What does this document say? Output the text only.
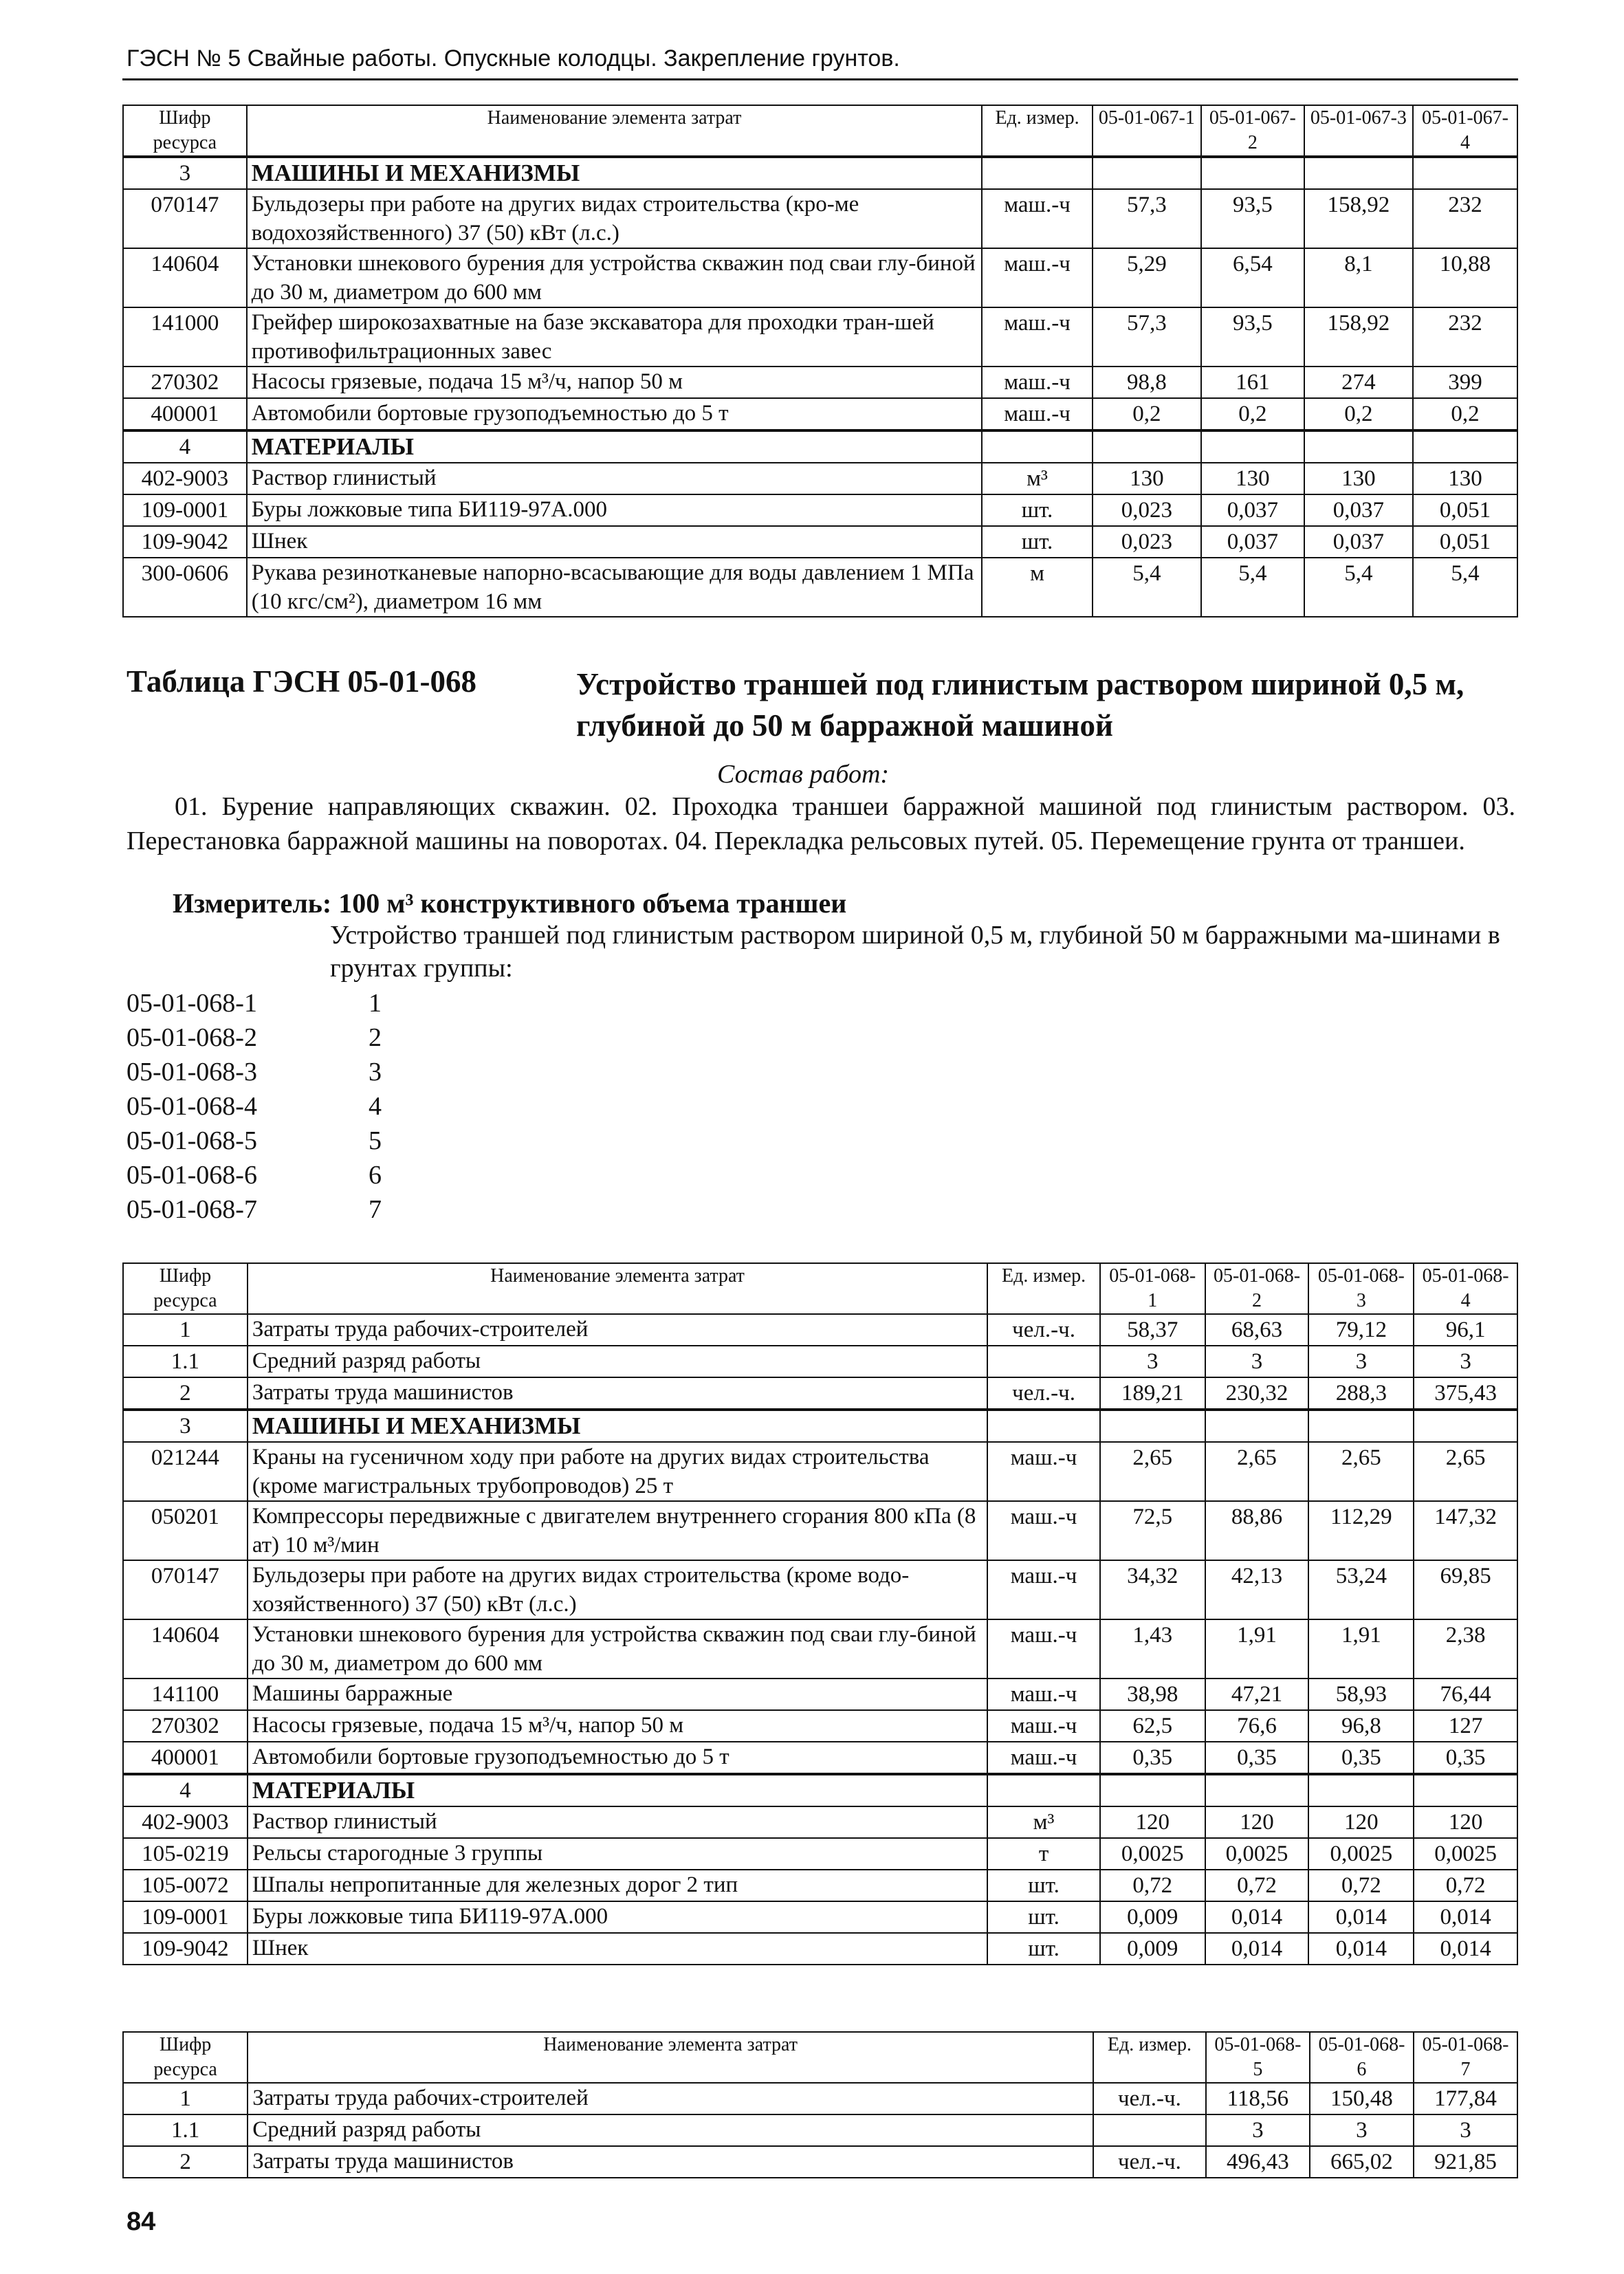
ГЭСН № 5 Свайные работы. Опускные колодцы. Закрепление грунтов.
Шифр ресурса	Наименование элемента затрат	Ед. измер.	05-01-067-1	05-01-067-2	05-01-067-3	05-01-067-4
3	МАШИНЫ И МЕХАНИЗМЫ					
070147	Бульдозеры при работе на других видах строительства (кро-ме водохозяйственного) 37 (50) кВт (л.с.)	маш.-ч	57,3	93,5	158,92	232
140604	Установки шнекового бурения для устройства скважин под сваи глу-биной до 30 м, диаметром до 600 мм	маш.-ч	5,29	6,54	8,1	10,88
141000	Грейфер широкозахватные на базе экскаватора для проходки тран-шей противофильтрационных завес	маш.-ч	57,3	93,5	158,92	232
270302	Насосы грязевые, подача 15 м³/ч, напор 50 м	маш.-ч	98,8	161	274	399
400001	Автомобили бортовые грузоподъемностью до 5 т	маш.-ч	0,2	0,2	0,2	0,2
4	МАТЕРИАЛЫ					
402-9003	Раствор глинистый	м³	130	130	130	130
109-0001	Буры ложковые типа БИ119-97А.000	шт.	0,023	0,037	0,037	0,051
109-9042	Шнек	шт.	0,023	0,037	0,037	0,051
300-0606	Рукава резинотканевые напорно-всасывающие для воды давлением 1 МПа (10 кгс/см²), диаметром 16 мм	м	5,4	5,4	5,4	5,4
Таблица ГЭСН 05-01-068	Устройство траншей под глинистым раствором шириной 0,5 м, глубиной до 50 м барражной машиной
Состав работ:

01. Бурение направляющих скважин. 02. Проходка траншеи барражной машиной под глинистым раствором. 03. Перестановка барражной машины на поворотах. 04. Перекладка рельсовых путей. 05. Перемещение грунта от траншеи.

Измеритель: 100 м³ конструктивного объема траншеи
Устройство траншей под глинистым раствором шириной 0,5 м, глубиной 50 м барражными ма-шинами в грунтах группы:
05-01-068-1	1
05-01-068-2	2
05-01-068-3	3
05-01-068-4	4
05-01-068-5	5
05-01-068-6	6
05-01-068-7	7
Шифр ресурса	Наименование элемента затрат	Ед. измер.	05-01-068-1	05-01-068-2	05-01-068-3	05-01-068-4
1	Затраты труда рабочих-строителей	чел.-ч.	58,37	68,63	79,12	96,1
1.1	Средний разряд работы		3	3	3	3
2	Затраты труда машинистов	чел.-ч.	189,21	230,32	288,3	375,43
3	МАШИНЫ И МЕХАНИЗМЫ					
021244	Краны на гусеничном ходу при работе на других видах строительства (кроме магистральных трубопроводов) 25 т	маш.-ч	2,65	2,65	2,65	2,65
050201	Компрессоры передвижные с двигателем внутреннего сгорания 800 кПа (8 ат) 10 м³/мин	маш.-ч	72,5	88,86	112,29	147,32
070147	Бульдозеры при работе на других видах строительства (кроме водо-хозяйственного) 37 (50) кВт (л.с.)	маш.-ч	34,32	42,13	53,24	69,85
140604	Установки шнекового бурения для устройства скважин под сваи глу-биной до 30 м, диаметром до 600 мм	маш.-ч	1,43	1,91	1,91	2,38
141100	Машины барражные	маш.-ч	38,98	47,21	58,93	76,44
270302	Насосы грязевые, подача 15 м³/ч, напор 50 м	маш.-ч	62,5	76,6	96,8	127
400001	Автомобили бортовые грузоподъемностью до 5 т	маш.-ч	0,35	0,35	0,35	0,35
4	МАТЕРИАЛЫ					
402-9003	Раствор глинистый	м³	120	120	120	120
105-0219	Рельсы старогодные 3 группы	т	0,0025	0,0025	0,0025	0,0025
105-0072	Шпалы непропитанные для железных дорог 2 тип	шт.	0,72	0,72	0,72	0,72
109-0001	Буры ложковые типа БИ119-97А.000	шт.	0,009	0,014	0,014	0,014
109-9042	Шнек	шт.	0,009	0,014	0,014	0,014
Шифр ресурса	Наименование элемента затрат	Ед. измер.	05-01-068-5	05-01-068-6	05-01-068-7
1	Затраты труда рабочих-строителей	чел.-ч.	118,56	150,48	177,84
1.1	Средний разряд работы		3	3	3
2	Затраты труда машинистов	чел.-ч.	496,43	665,02	921,85
84
